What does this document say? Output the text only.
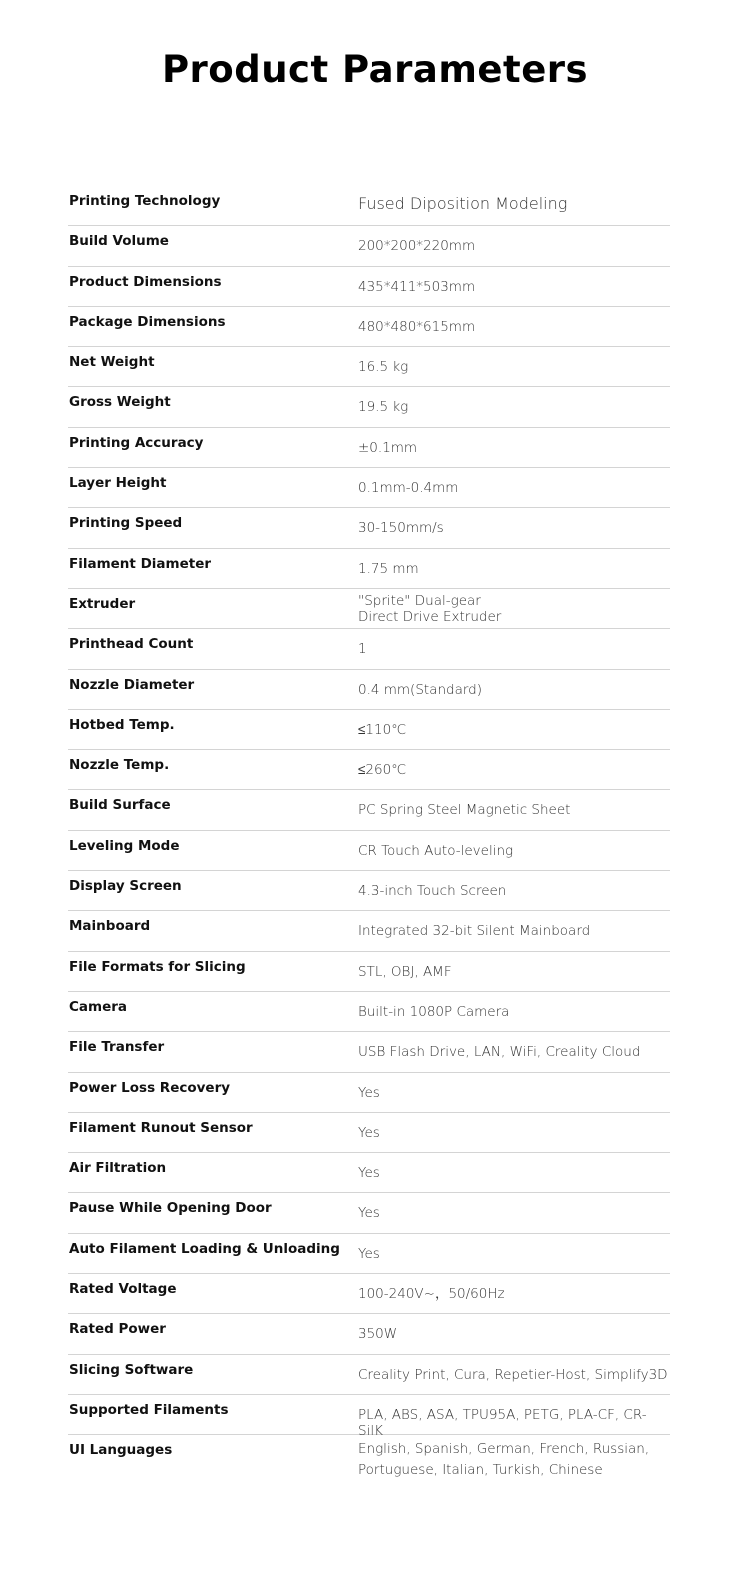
Product Parameters
Printing Technology	Fused Diposition Modeling
Build Volume	200*200*220mm
Product Dimensions	435*411*503mm
Package Dimensions	480*480*615mm
Net Weight	16.5 kg
Gross Weight	19.5 kg
Printing Accuracy	±0.1mm
Layer Height	0.1mm-0.4mm
Printing Speed	30-150mm/s
Filament Diameter	1.75 mm
Extruder	"Sprite" Dual-gear
Direct Drive Extruder
Printhead Count	1
Nozzle Diameter	0.4 mm(Standard)
Hotbed Temp.	≤110℃
Nozzle Temp.	≤260℃
Build Surface	PC Spring Steel Magnetic Sheet
Leveling Mode	CR Touch Auto-leveling
Display Screen	4.3-inch Touch Screen
Mainboard	Integrated 32-bit Silent Mainboard
File Formats for Slicing	STL, OBJ, AMF
Camera	Built-in 1080P Camera
File Transfer	USB Flash Drive, LAN, WiFi, Creality Cloud
Power Loss Recovery	Yes
Filament Runout Sensor	Yes
Air Filtration	Yes
Pause While Opening Door	Yes
Auto Filament Loading & Unloading Yes
Rated Voltage	100-240V~，50/60Hz
Rated Power	350W
Slicing Software	Creality Print, Cura, Repetier-Host, Simplify3D
Supported Filaments	PLA, ABS, ASA, TPU95A, PETG, PLA-CF, CR-SilK
UI Languages	English, Spanish, German, French, Russian,
Portuguese, Italian, Turkish, Chinese
